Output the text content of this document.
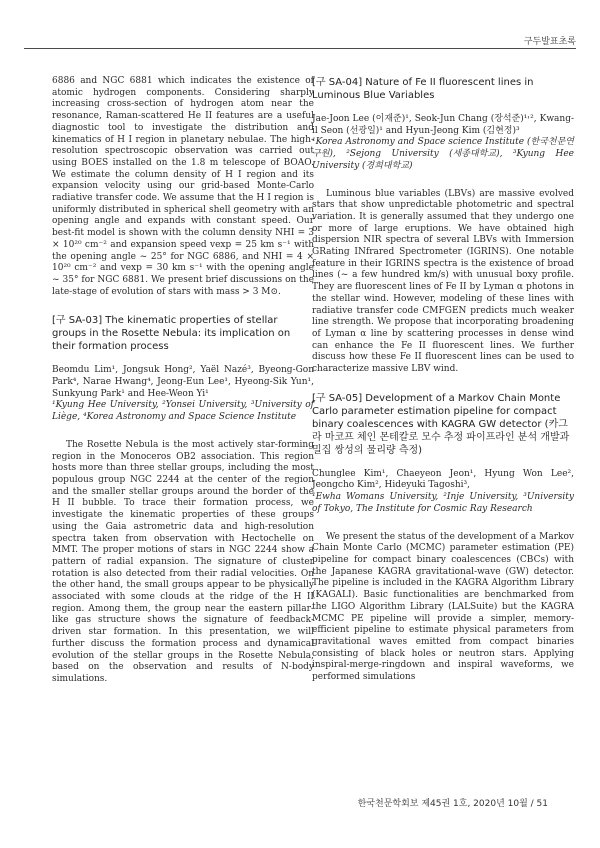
구두발표초록

6886 and NGC 6881 which indicates the existence of atomic hydrogen components. Considering sharply increasing cross-section of hydrogen atom near the resonance, Raman-scattered He II features are a useful diagnostic tool to investigate the distribution and kinematics of H I region in planetary nebulae. The high-resolution spectroscopic observation was carried out using BOES installed on the 1.8 m telescope of BOAO. We estimate the column density of H I region and its expansion velocity using our grid-based Monte-Carlo radiative transfer code. We assume that the H I region is uniformly distributed in spherical shell geometry with an opening angle and expands with constant speed. Our best-fit model is shown with the column density NHI = 3 × 10²⁰ cm⁻² and expansion speed vexp = 25 km s⁻¹ with the opening angle ~ 25° for NGC 6886, and NHI = 4 × 10²⁰ cm⁻² and vexp = 30 km s⁻¹ with the opening angle ~ 35° for NGC 6881. We present brief discussions on the late-stage of evolution of stars with mass > 3 M⊙.

[구 SA-03] The kinematic properties of stellar groups in the Rosette Nebula: its implication on their formation process

Beomdu Lim¹, Jongsuk Hong², Yaël Nazé³, Byeong-Gon Park⁴, Narae Hwang⁴, Jeong-Eun Lee¹, Hyeong-Sik Yun¹, Sunkyung Park¹ and Hee-Weon Yi¹

¹Kyung Hee University, ²Yonsei University, ³University of Liège, ⁴Korea Astronomy and Space Science Institute

The Rosette Nebula is the most actively star-forming region in the Monoceros OB2 association. This region hosts more than three stellar groups, including the most populous group NGC 2244 at the center of the region and the smaller stellar groups around the border of the H II bubble. To trace their formation process, we investigate the kinematic properties of these groups using the Gaia astrometric data and high-resolution spectra taken from observation with Hectochelle on MMT. The proper motions of stars in NGC 2244 show a pattern of radial expansion. The signature of cluster rotation is also detected from their radial velocities. On the other hand, the small groups appear to be physically associated with some clouds at the ridge of the H II region. Among them, the group near the eastern pillar-like gas structure shows the signature of feedback-driven star formation. In this presentation, we will further discuss the formation process and dynamical evolution of the stellar groups in the Rosette Nebula, based on the observation and results of N-body simulations.

[구 SA-04] Nature of Fe II fluorescent lines in Luminous Blue Variables

Jae-Joon Lee (이재준)¹, Seok-Jun Chang (장석준)¹˒², Kwang-il Seon (선광일)¹ and Hyun-Jeong Kim (김현정)³

¹Korea Astronomy and Space science Institute (한국천문연구원), ²Sejong University (세종대학교), ³Kyung Hee University (경희대학교)

Luminous blue variables (LBVs) are massive evolved stars that show unpredictable photometric and spectral variation. It is generally assumed that they undergo one or more of large eruptions. We have obtained high dispersion NIR spectra of several LBVs with Immersion GRating INfrared Spectrometer (IGRINS). One notable feature in their IGRINS spectra is the existence of broad lines (~ a few hundred km/s) with unusual boxy profile. They are fluorescent lines of Fe II by Lyman α photons in the stellar wind. However, modeling of these lines with radiative transfer code CMFGEN predicts much weaker line strength. We propose that incorporating broadening of Lyman α line by scattering processes in dense wind can enhance the Fe II fluorescent lines. We further discuss how these Fe II fluorescent lines can be used to characterize massive LBV wind.

[구 SA-05] Development of a Markov Chain Monte Carlo parameter estimation pipeline for compact binary coalescences with KAGRA GW detector (카그라 마코프 체인 몬테칼로 모수 추정 파이프라인 분석 개발과 밀집 쌍성의 물리량 측정)

Chunglee Kim¹, Chaeyeon Jeon¹, Hyung Won Lee², Jeongcho Kim², Hideyuki Tagoshi³,

¹Ewha Womans University, ²Inje University, ³University of Tokyo, The Institute for Cosmic Ray Research

We present the status of the development of a Markov Chain Monte Carlo (MCMC) parameter estimation (PE) pipeline for compact binary coalescences (CBCs) with the Japanese KAGRA gravitational-wave (GW) detector. The pipeline is included in the KAGRA Algorithm Library (KAGALI). Basic functionalities are benchmarked from the LIGO Algorithm Library (LALSuite) but the KAGRA MCMC PE pipeline will provide a simpler, memory-efficient pipeline to estimate physical parameters from gravitational waves emitted from compact binaries consisting of black holes or neutron stars. Applying inspiral-merge-ringdown and inspiral waveforms, we performed simulations

한국천문학회보 제45권 1호, 2020년 10월 / 51
